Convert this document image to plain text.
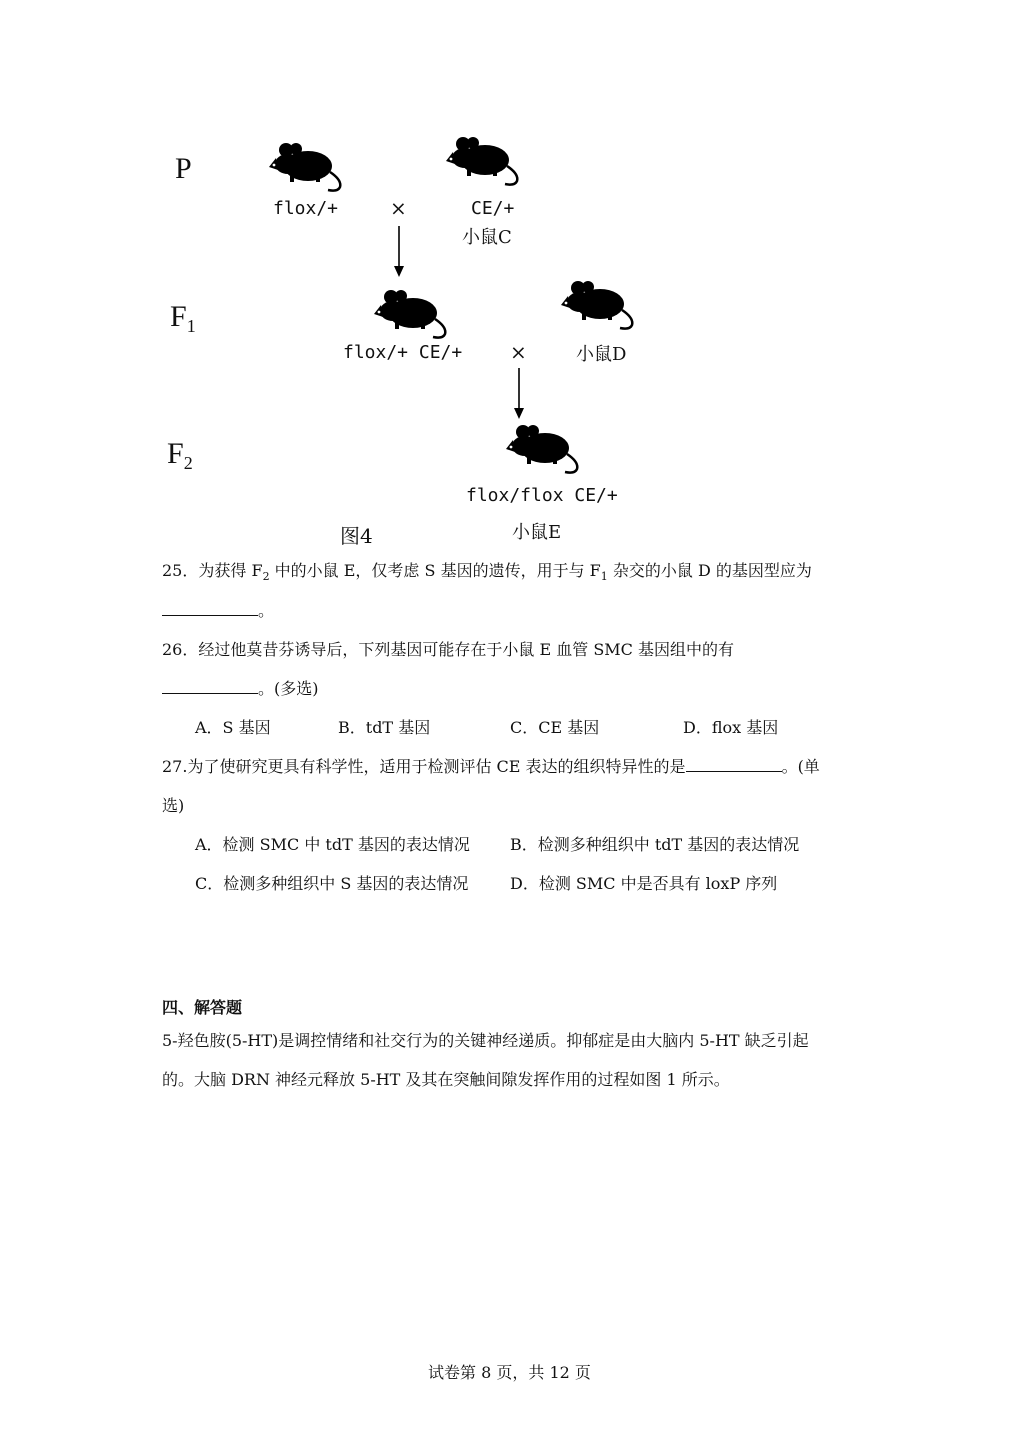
P
$F_1$
$F_2$
flox/+	×	CE/+
小鼠C
flox/+ CE/+ ×	小鼠D
flox/flox CE/+
小鼠E
图4
25．为获得 $F_2$ 中的小鼠 E，仅考虑 S 基因的遗传，用于与 $F_1$ 杂交的小鼠 D 的基因型应为
。
26．经过他莫昔芬诱导后，下列基因可能存在于小鼠 E 血管 SMC 基因组中的有
。(多选)
A．S 基因	B．tdT 基因	C．CE 基因	D．flox 基因
27.为了使研究更具有科学性，适用于检测评估 CE 表达的组织特异性的是	。(单
选)
A．检测 SMC 中 tdT 基因的表达情况	B．检测多种组织中 tdT 基因的表达情况
C．检测多种组织中 S 基因的表达情况	D．检测 SMC 中是否具有 loxP 序列
四、解答题
5-羟色胺(5-HT)是调控情绪和社交行为的关键神经递质。抑郁症是由大脑内 5-HT 缺乏引起
的。大脑 DRN 神经元释放 5-HT 及其在突触间隙发挥作用的过程如图 1 所示。
试卷第 8 页，共 12 页
